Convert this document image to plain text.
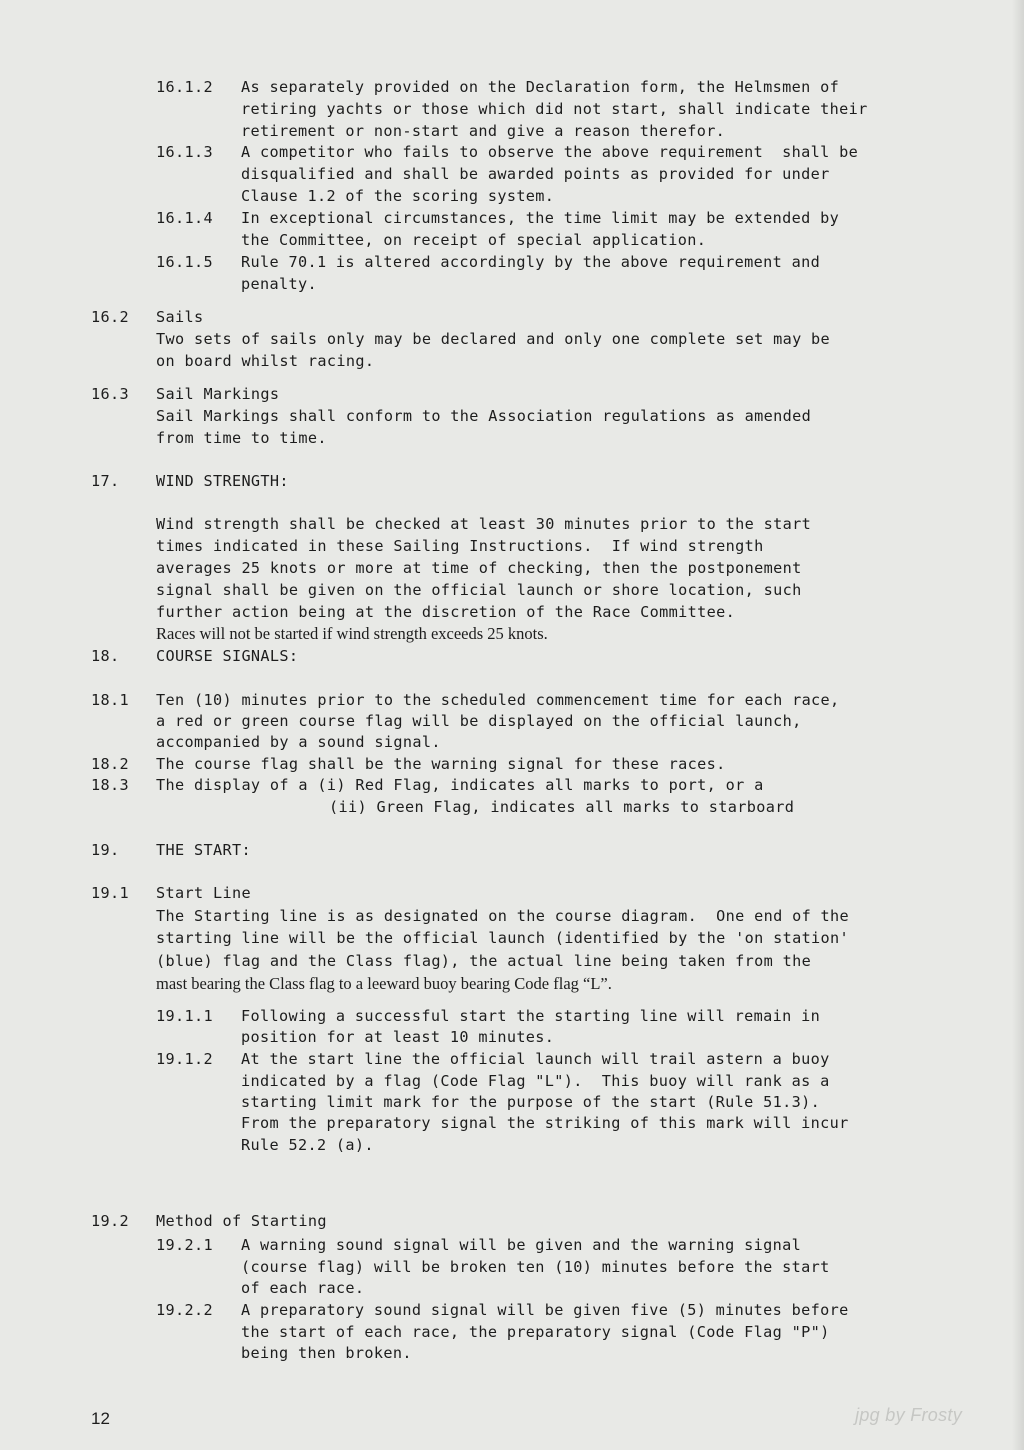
16.1.2 As separately provided on the Declaration form, the Helmsmen of
retiring yachts or those which did not start, shall indicate their
retirement or non-start and give a reason therefor.
16.1.3 A competitor who fails to observe the above requirement  shall be
disqualified and shall be awarded points as provided for under
Clause 1.2 of the scoring system.
16.1.4 In exceptional circumstances, the time limit may be extended by
the Committee, on receipt of special application.
16.1.5 Rule 70.1 is altered accordingly by the above requirement and
penalty.
16.2 Sails
Two sets of sails only may be declared and only one complete set may be
on board whilst racing.
16.3 Sail Markings
Sail Markings shall conform to the Association regulations as amended
from time to time.
17. WIND STRENGTH:
Wind strength shall be checked at least 30 minutes prior to the start
times indicated in these Sailing Instructions.  If wind strength
averages 25 knots or more at time of checking, then the postponement
signal shall be given on the official launch or shore location, such
further action being at the discretion of the Race Committee.
Races will not be started if wind strength exceeds 25 knots.
18. COURSE SIGNALS:
18.1 Ten (10) minutes prior to the scheduled commencement time for each race,
a red or green course flag will be displayed on the official launch,
accompanied by a sound signal.
18.2 The course flag shall be the warning signal for these races.
18.3 The display of a (i) Red Flag, indicates all marks to port, or a
(ii) Green Flag, indicates all marks to starboard
19. THE START:
19.1 Start Line
The Starting line is as designated on the course diagram.  One end of the
starting line will be the official launch (identified by the 'on station'
(blue) flag and the Class flag), the actual line being taken from the
mast bearing the Class flag to a leeward buoy bearing Code flag “L”.
19.1.1 Following a successful start the starting line will remain in
position for at least 10 minutes.
19.1.2 At the start line the official launch will trail astern a buoy
indicated by a flag (Code Flag "L").  This buoy will rank as a
starting limit mark for the purpose of the start (Rule 51.3).
From the preparatory signal the striking of this mark will incur
Rule 52.2 (a).
19.2 Method of Starting
19.2.1 A warning sound signal will be given and the warning signal
(course flag) will be broken ten (10) minutes before the start
of each race.
19.2.2 A preparatory sound signal will be given five (5) minutes before
the start of each race, the preparatory signal (Code Flag "P")
being then broken.
12	jpg by Frosty
